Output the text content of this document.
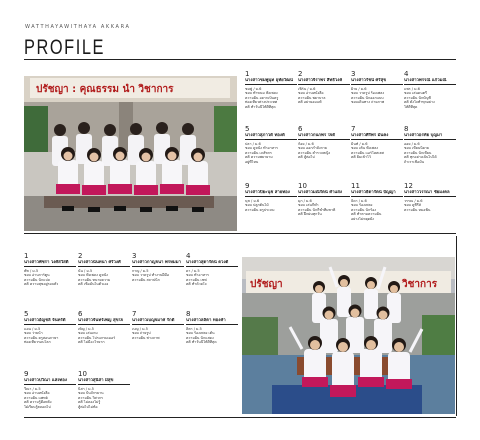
WATTHAYAWITHAYA AKKARA
PROFILE
ปรัชญา : คุณธรรม นำ วิชาการ
1
นางสาวชมพูนุท อุทัยวัฒน์
ชมพู่ / ม.6
ชอบ ทำขนม ฟังเพลง
ความฝัน อยากเป็นครู
ท่องเที่ยวต่างประเทศ
คติ ทำวันนี้ให้ดีที่สุด
2
นางสาวจิราพร สิทธิวงค์
เฟิร์น / ม.6
ชอบ อ่านหนังสือ
ความฝัน พยาบาล
คติ อย่ายอมแพ้
3
นางสาวรัชนี ศรีสุข
ฝ้าย / ม.6
ชอบ วาดรูป ร้องเพลง
ความฝัน นักออกแบบ
ชอบเดินทาง ถ่ายภาพ
4
นางสาวพรรณี แก้วมณี
แพร / ม.6
ชอบ เล่นดนตรี
ความฝัน นักบัญชี
คติ ตั้งใจทำทุกอย่าง
ให้ดีที่สุด
5
นางสาวสุภาวดี ทองดี
ปลา / ม.6
ชอบ ดูหนัง ทำอาหาร
ความฝัน เภสัชกร
คติ ความพยายาม
อยู่ที่ไหน
6
นางสาวกนกพร ใจดี
ก้อย / ม.6
ชอบ ออกกำลังกาย
ความฝัน ตำรวจหญิง
คติ สู้ต่อไป
7
นางสาวศิริพร มั่นคง
มิ้นท์ / ม.6
ชอบ เต้น ฟังเพลง
ความฝัน แอร์โฮสเตส
คติ ยิ้มเข้าไว้
8
นางสาวอรทัย บุญมา
ออย / ม.6
ชอบ เขียนนิยาย
ความฝัน นักเขียน
คติ ทุกอย่างเป็นไปได้
ถ้าเราเชื่อมั่น
9
นางสาวปิยะนุช สายทอง
นุช / ม.6
ชอบ ปลูกต้นไม้
ความฝัน ครูประถม
10
นางสาวมณีรัตน์ คำแสง
มุก / ม.6
ชอบ เล่นกีฬา
ความฝัน นักกีฬาทีมชาติ
คติ ฝึกฝนทุกวัน
11
นางสาวธิดารัตน์ ปัญญา
ธิดา / ม.6
ชอบ ร้องเพลง
ความฝัน นักร้อง
คติ ทำตามความฝัน
อย่างไม่หยุดยั้ง
12
นางสาววรรณา ชัยมงคล
วรรณ / ม.6
ชอบ ดูซีรีส์
ความฝัน หมอฟัน
1
นางสาวพัชรา วงศ์สวัสดิ์
พัช / ม.5
ชอบ อ่านการ์ตูน
ความฝัน นักแปล
คติ ความสุขอยู่รอบตัว
2
นางสาวนันทนา ศรีวงศ์
นัน / ม.5
ชอบ ฟังเพลง ดูหนัง
ความฝัน ทนายความ
คติ เชื่อมั่นในตัวเอง
3
นางสาวกาญจนา พรหมมา
กาญ / ม.5
ชอบ วาดรูป ทำงานฝีมือ
ความฝัน สถาปนิก
4
นางสาวสุดารัตน์ ดวงดี
ดา / ม.5
ชอบ ทำอาหาร
ความฝัน เชฟ
คติ ทำด้วยใจ
5
นางสาวอัญชลี จันทร์ดี
แอน / ม.5
ชอบ ว่ายน้ำ
ความฝัน ครูสอนภาษา
ท่องเที่ยวรอบโลก
6
นางสาวจันทร์เพ็ญ สุขใจ
เพ็ญ / ม.5
ชอบ เล่นเกม
ความฝัน โปรแกรมเมอร์
คติ ไม่มีอะไรยาก
7
นางสาวเบญจมาศ รักดี
เบญ / ม.5
ชอบ ถ่ายรูป
ความฝัน ช่างภาพ
8
นางสาวลลิตา ทองคำ
ลิตา / ม.5
ชอบ ร้องเพลง เต้น
ความฝัน นักแสดง
คติ ทำวันนี้ให้ดีที่สุด
9
นางสาวปวีณา แสงทอง
วีณา / ม.5
ชอบ อ่านหนังสือ
ความฝัน แพทย์
คติ ความรู้คือพลัง
ใฝ่เรียนรู้ตลอดไป
10
นางสาวสุนิสา มีสุข
นิสา / ม.5
ชอบ ปั่นจักรยาน
ความฝัน วิศวกร
คติ ไม่ลองไม่รู้
สู้ต่อไปไม่ท้อ
ปรัชญา	วิชาการ
